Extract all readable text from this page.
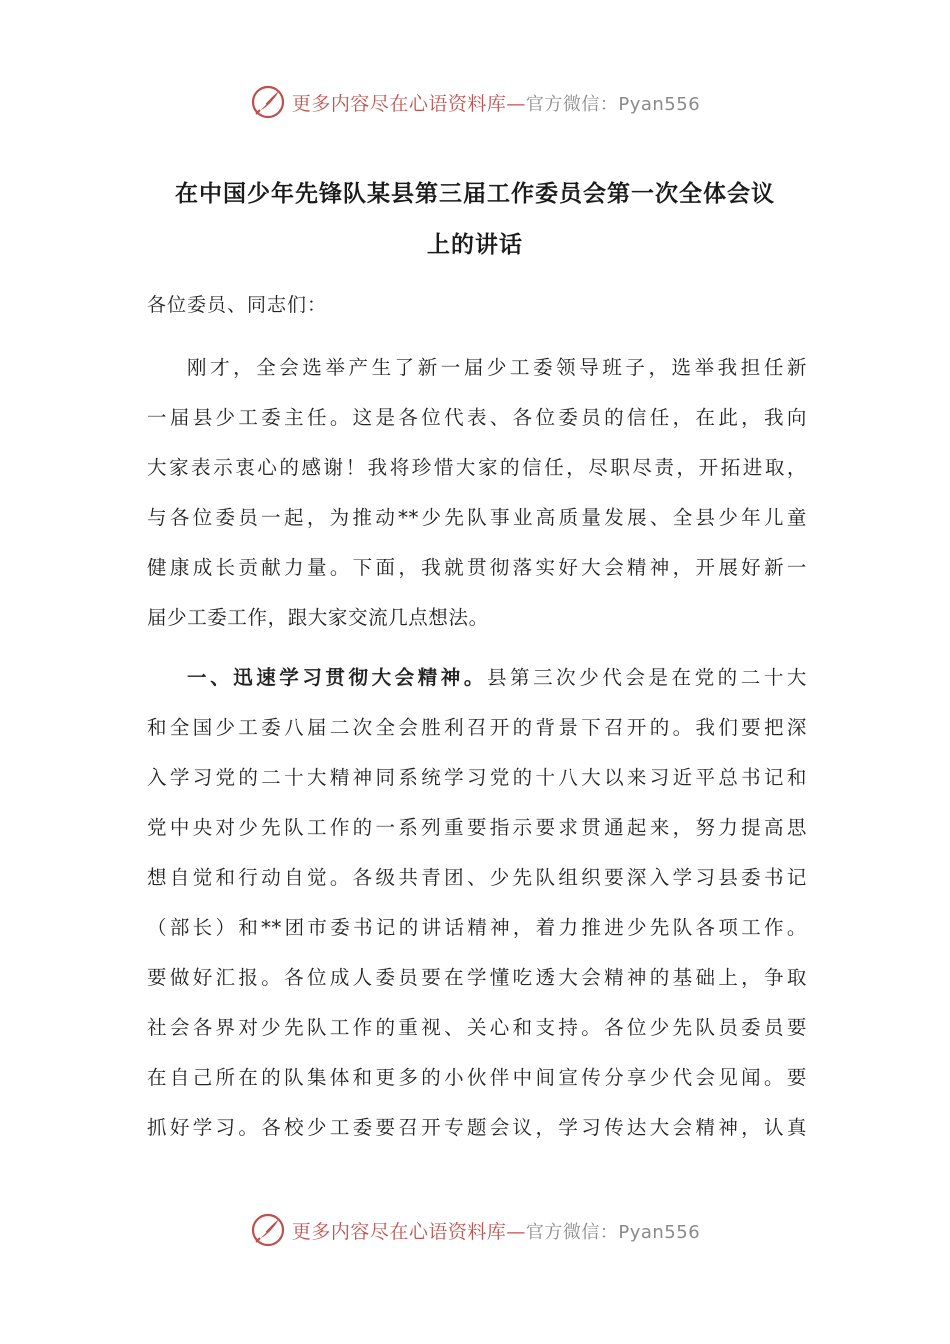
更多内容尽在心语资料库—官方微信：Pyan556
在中国少年先锋队某县第三届工作委员会第一次全体会议
上的讲话

各位委员、同志们：

刚才，全会选举产生了新一届少工委领导班子，选举我担任新
一届县少工委主任。这是各位代表、各位委员的信任，在此，我向
大家表示衷心的感谢！我将珍惜大家的信任，尽职尽责，开拓进取，
与各位委员一起，为推动**少先队事业高质量发展、全县少年儿童
健康成长贡献力量。下面，我就贯彻落实好大会精神，开展好新一
届少工委工作，跟大家交流几点想法。
一、迅速学习贯彻大会精神。县第三次少代会是在党的二十大
和全国少工委八届二次全会胜利召开的背景下召开的。我们要把深
入学习党的二十大精神同系统学习党的十八大以来习近平总书记和
党中央对少先队工作的一系列重要指示要求贯通起来，努力提高思
想自觉和行动自觉。各级共青团、少先队组织要深入学习县委书记
（部长）和**团市委书记的讲话精神，着力推进少先队各项工作。
要做好汇报。各位成人委员要在学懂吃透大会精神的基础上，争取
社会各界对少先队工作的重视、关心和支持。各位少先队员委员要
在自己所在的队集体和更多的小伙伴中间宣传分享少代会见闻。要
抓好学习。各校少工委要召开专题会议，学习传达大会精神，认真
更多内容尽在心语资料库—官方微信：Pyan556
